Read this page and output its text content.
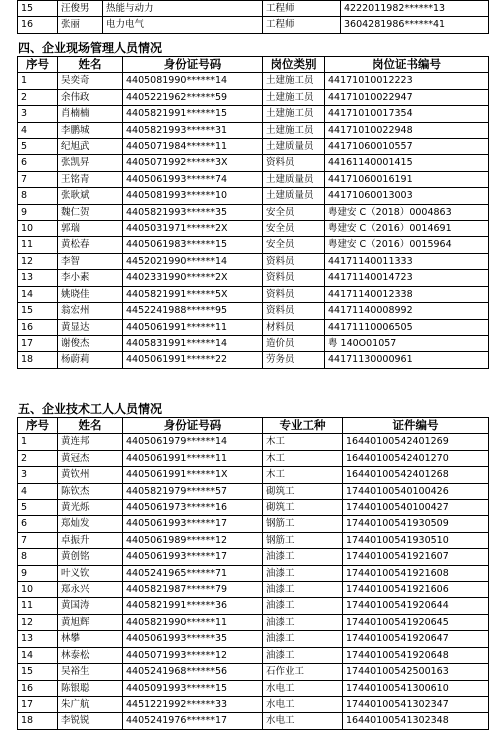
15	汪俊男	热能与动力	工程师	4222011982******13
16	张丽	电力电气	工程师	3604281986******41
四、企业现场管理人员情况
序号	姓名	身份证号码	岗位类别	岗位证书编号
1	吴奕奇	4405081990******14	土建施工员	44171010012223
2	余伟政	4405221962******59	土建施工员	44171010022947
3	肖楠楠	4405821991******15	土建施工员	44171010017354
4	李鹏城	4405821993******31	土建施工员	44171010022948
5	纪旭武	4405071984******11	土建质量员	44171060010557
6	张凯昇	4405071992******3X	资料员	44161140001415
7	王铭青	4405061993******74	土建质量员	44171060016191
8	张耿斌	4405081993******10	土建质量员	44171060013003
9	魏仁贺	4405821993******35	安全员	粤建安 C（2018）0004863
10	郭瑞	4405031971******2X	安全员	粤建安 C（2016）0014691
11	黄松春	4405061983******15	安全员	粤建安 C（2016）0015964
12	李智	4452021990******14	资料员	44171140011333
13	李小素	4402331990******2X	资料员	44171140014723
14	姚晓佳	4405821991******5X	资料员	44171140012338
15	翁宏州	4452241988******95	资料员	44171140008992
16	黄显达	4405061991******11	材料员	44171110006505
17	谢俊杰	4405831991******14	造价员	粤 140O01057
18	杨蔚莉	4405061991******22	劳务员	44171130000961
五、企业技术工人人员情况
序号	姓名	身份证号码	专业工种	证件编号
1	黄连邦	4405061979******14	木工	1644010054240126​9
2	黄冠杰	4405061991******11	木工	16440100542401270
3	黄钦州	4405061991******1X	木工	16440100542401268
4	陈钦杰	4405821979******57	砌筑工	17440100540100426
5	黄光烁	4405061973******16	砌筑工	17440100540100427
6	郑灿发	4405061993******17	钢筋工	17440100541930509
7	卓振升	4405061989******12	钢筋工	17440100541930510
8	黄创铭	4405061993******17	油漆工	17440100541921607
9	叶义钦	4405241965******71	油漆工	17440100541921608
10	郑永兴	4405821987******79	油漆工	17440100541921606
11	黄国涛	4405821991******36	油漆工	17440100541920644
12	黄旭辉	4405821990******11	油漆工	17440100541920645
13	林攀	4405061993******35	油漆工	17440100541920647
14	林泰松	4405071993******12	油漆工	17440100541920648
15	吴裕生	4405241968******56	石作业工	17440100542500163
16	陈银聪	4405091993******15	水电工	17440100541300610
17	朱广航	4451221992******33	水电工	17440100541302347
18	李锐锐	4405241976******17	水电工	16440100541302348
